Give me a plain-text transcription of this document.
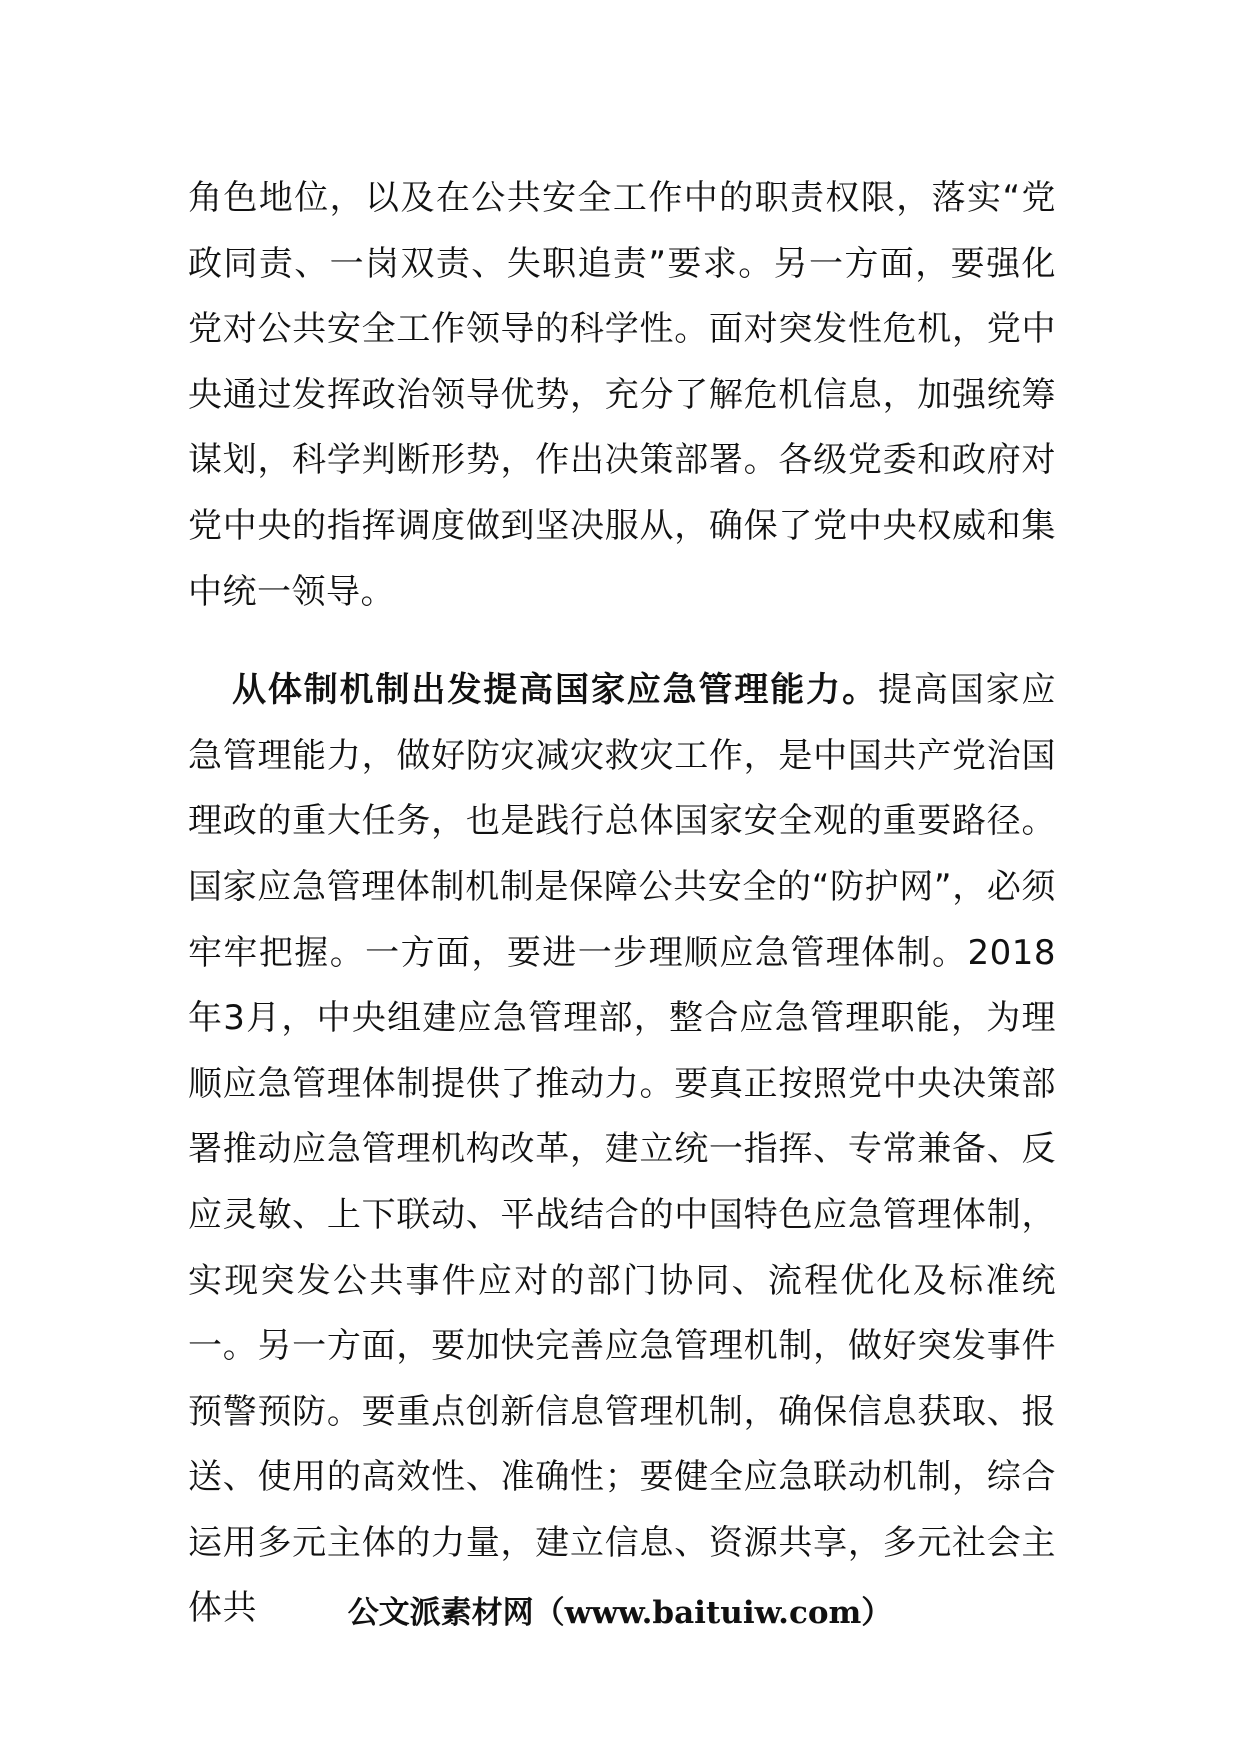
角色地位，以及在公共安全工作中的职责权限，落实“党政同责、一岗双责、失职追责”要求。另一方面，要强化党对公共安全工作领导的科学性。面对突发性危机，党中央通过发挥政治领导优势，充分了解危机信息，加强统筹谋划，科学判断形势，作出决策部署。各级党委和政府对党中央的指挥调度做到坚决服从，确保了党中央权威和集中统一领导。

从体制机制出发提高国家应急管理能力。提高国家应急管理能力，做好防灾减灾救灾工作，是中国共产党治国理政的重大任务，也是践行总体国家安全观的重要路径。国家应急管理体制机制是保障公共安全的“防护网”，必须牢牢把握。一方面，要进一步理顺应急管理体制。2018年3月，中央组建应急管理部，整合应急管理职能，为理顺应急管理体制提供了推动力。要真正按照党中央决策部署推动应急管理机构改革，建立统一指挥、专常兼备、反应灵敏、上下联动、平战结合的中国特色应急管理体制，实现突发公共事件应对的部门协同、流程优化及标准统一。另一方面，要加快完善应急管理机制，做好突发事件预警预防。要重点创新信息管理机制，确保信息获取、报送、使用的高效性、准确性；要健全应急联动机制，综合运用多元主体的力量，建立信息、资源共享，多元社会主体共	公文派素材网（www.baituiw.com）
